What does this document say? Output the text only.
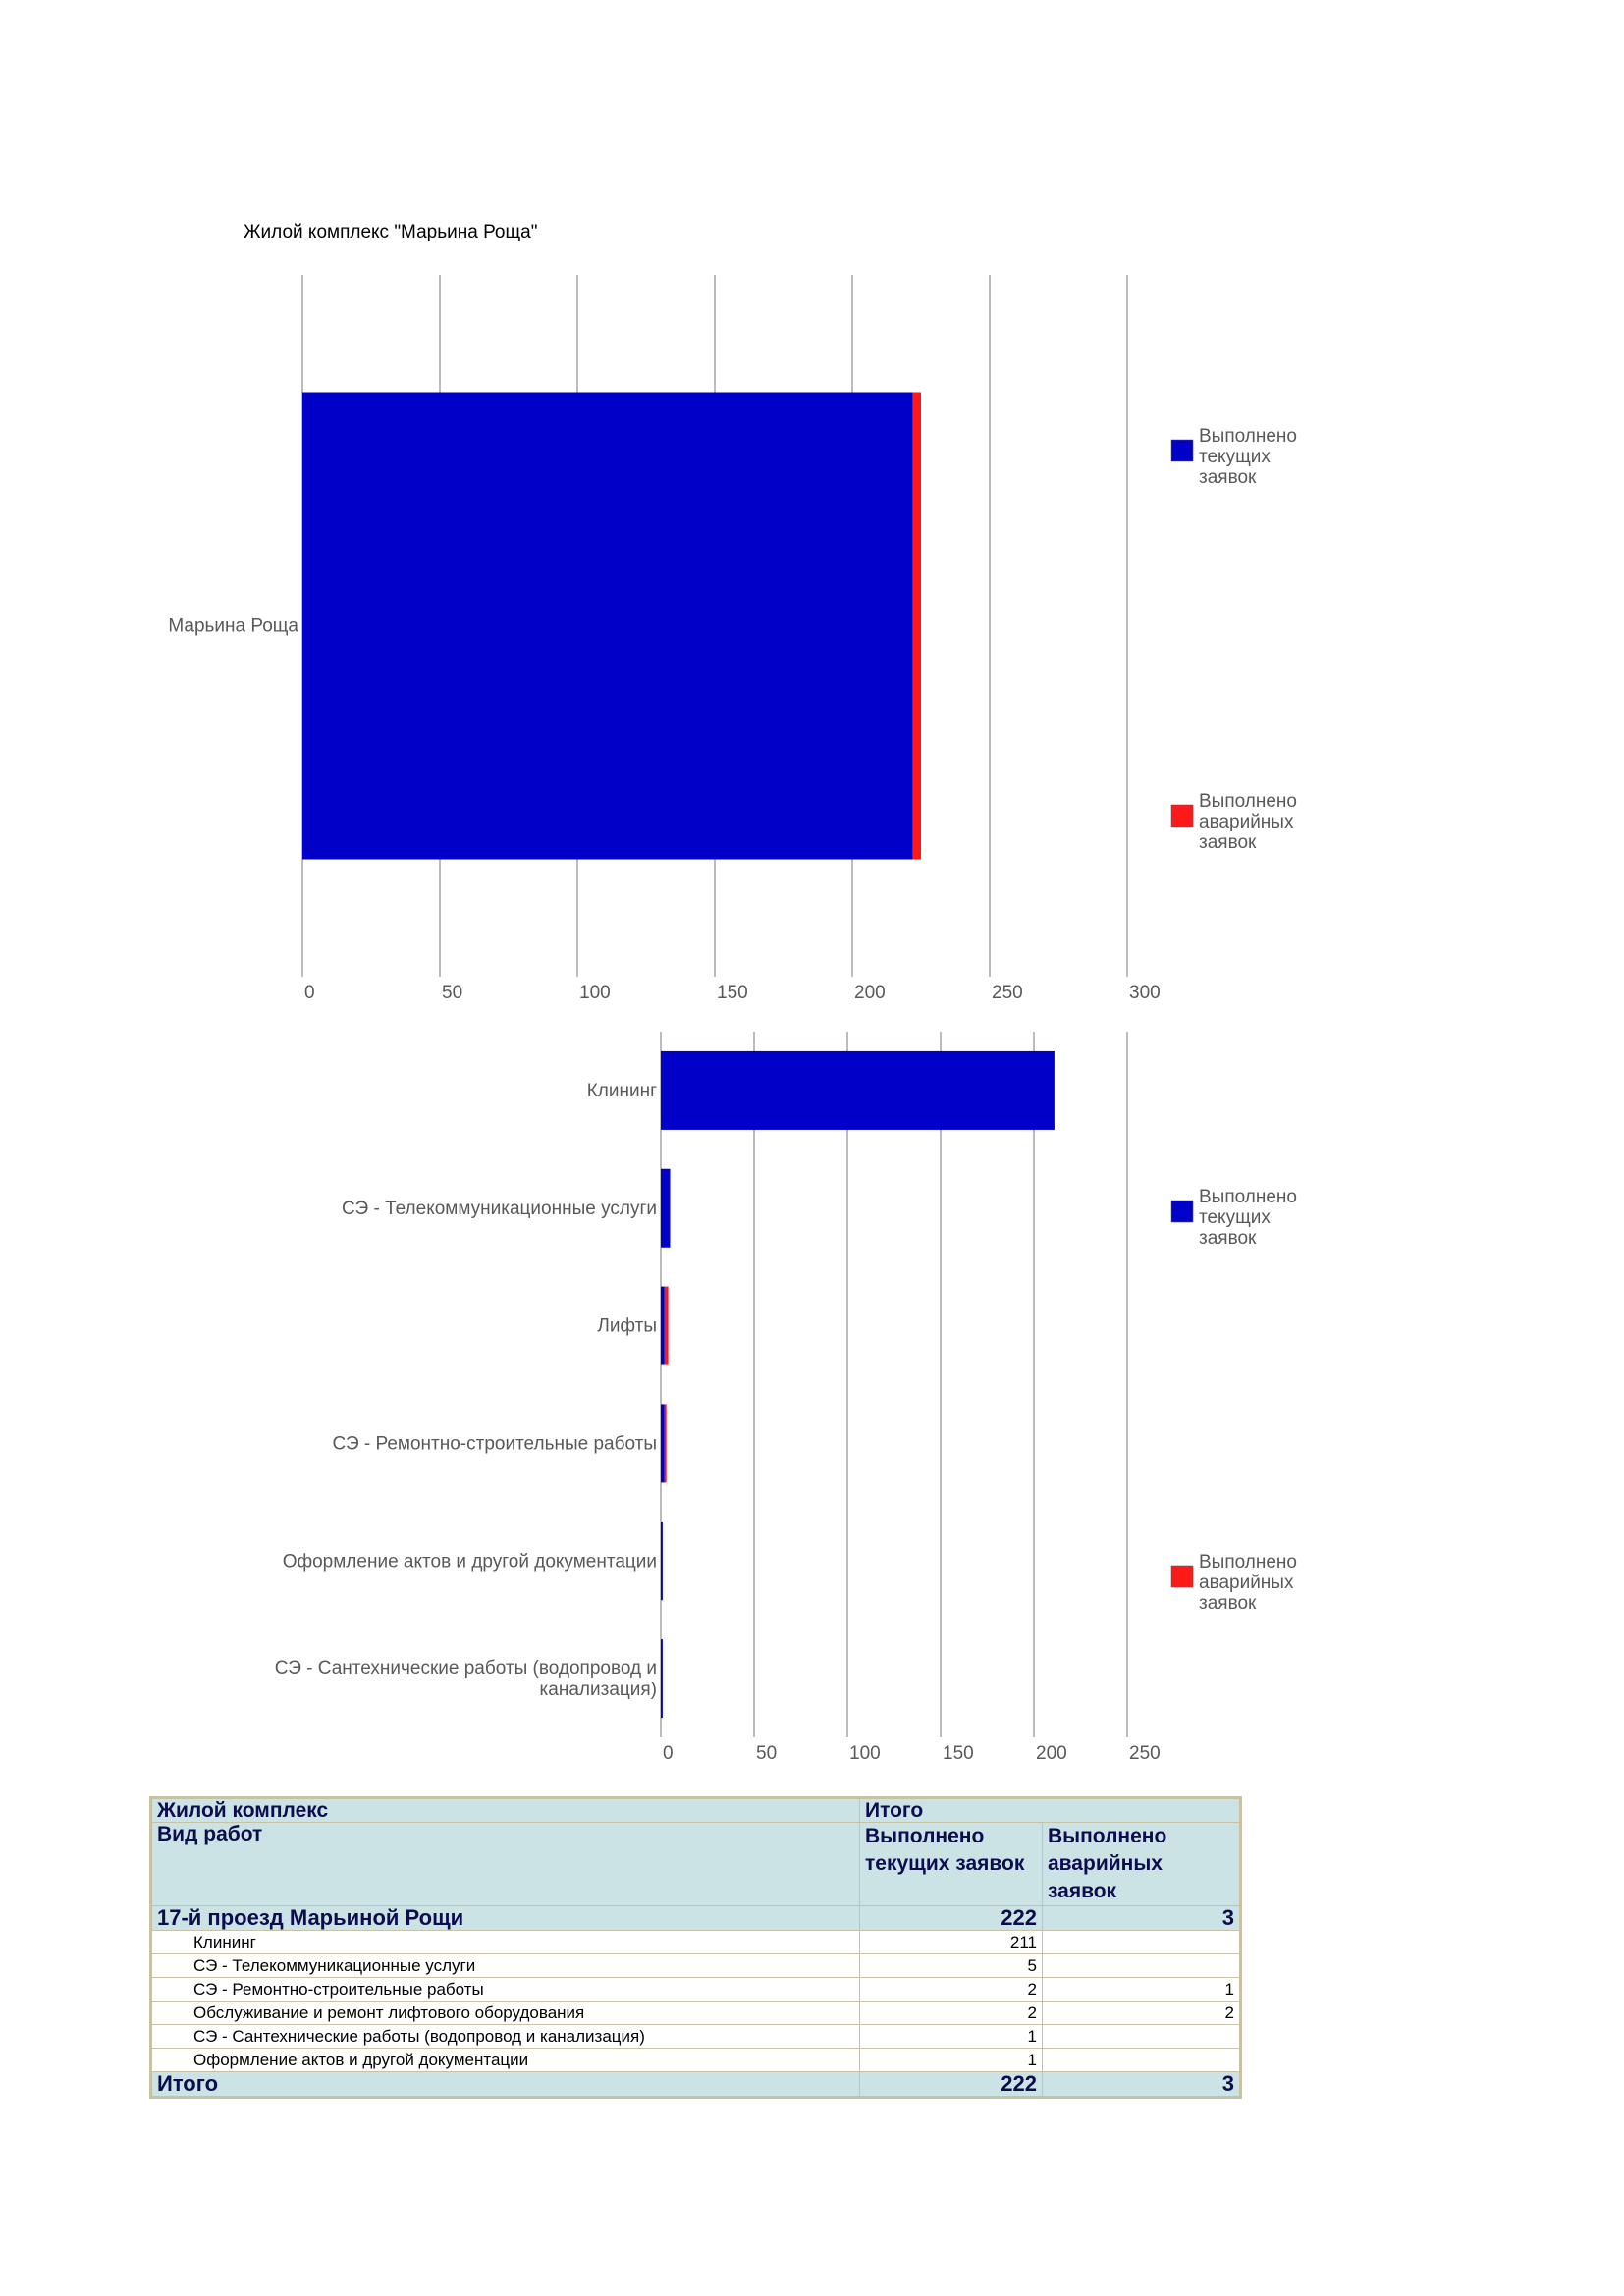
Жилой комплекс "Марьина Роща"
0	50	100	150	200	250	300
Марьина Роща
Выполнено текущих заявок
Выполнено аварийных заявок
0	50	100	150	200	250
Клининг
СЭ - Телекоммуникационные услуги
Лифты
СЭ - Ремонтно-строительные работы
Оформление актов и другой документации
СЭ - Сантехнические работы (водопровод и канализация)
Выполнено текущих заявок
Выполнено аварийных заявок
Жилой комплекс	Итого	
Вид работ	Выполнено текущих заявок	Выполнено аварийных заявок
17-й проезд Марьиной Рощи	222	3
Клининг	211	
СЭ - Телекоммуникационные услуги	5	
СЭ - Ремонтно-строительные работы	2	1
Обслуживание и ремонт лифтового оборудования	2	2
СЭ - Сантехнические работы (водопровод и канализация)	1	
Оформление актов и другой документации	1	
Итого	222	3
